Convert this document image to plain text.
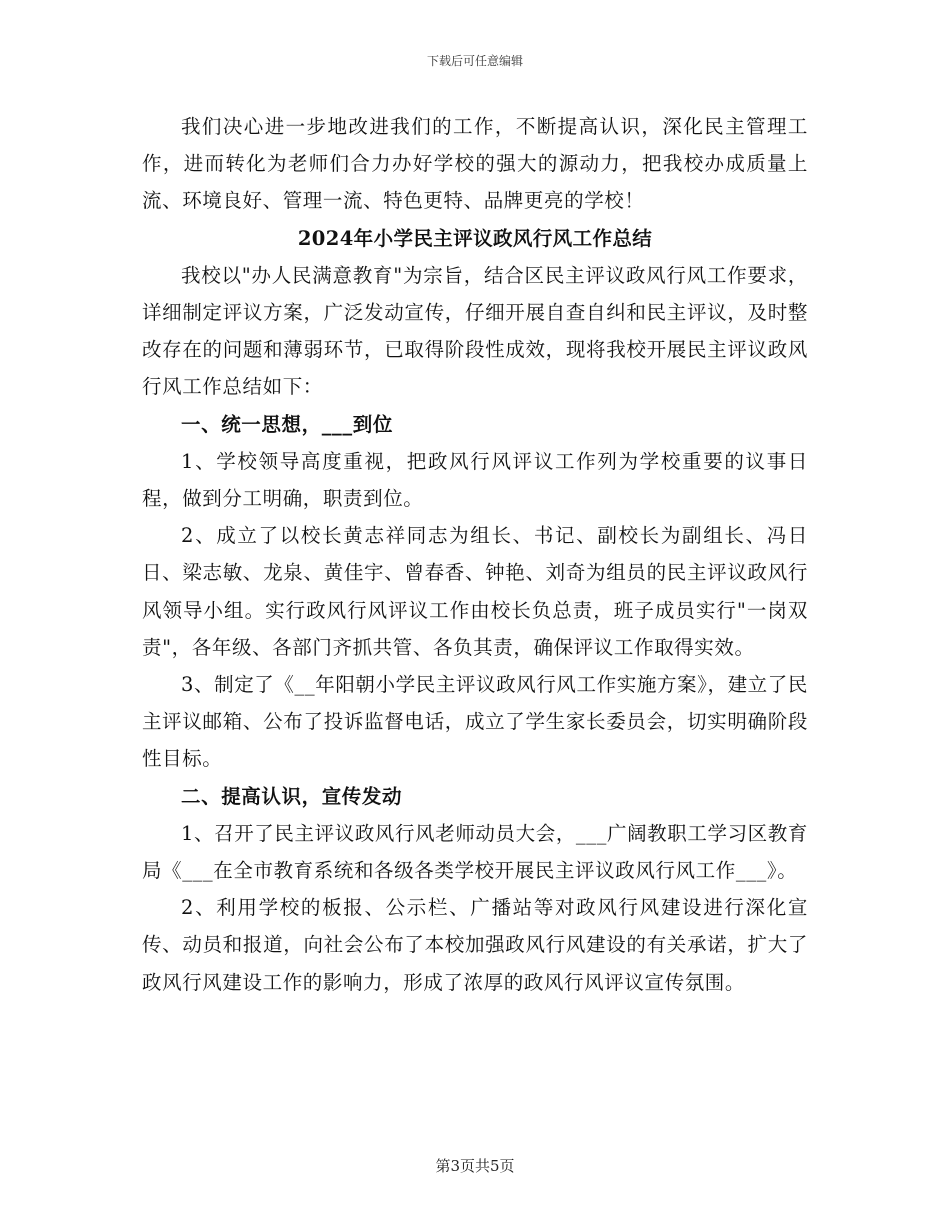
下载后可任意编辑

我们决心进一步地改进我们的工作，不断提高认识，深化民主管理工作，进而转化为老师们合力办好学校的强大的源动力，把我校办成质量上流、环境良好、管理一流、特色更特、品牌更亮的学校！

2024年小学民主评议政风行风工作总结

我校以"办人民满意教育"为宗旨，结合区民主评议政风行风工作要求，详细制定评议方案，广泛发动宣传，仔细开展自查自纠和民主评议，及时整改存在的问题和薄弱环节，已取得阶段性成效，现将我校开展民主评议政风行风工作总结如下：

一、统一思想，___到位

1、学校领导高度重视，把政风行风评议工作列为学校重要的议事日程，做到分工明确，职责到位。

2、成立了以校长黄志祥同志为组长、书记、副校长为副组长、冯日日、梁志敏、龙泉、黄佳宇、曾春香、钟艳、刘奇为组员的民主评议政风行风领导小组。实行政风行风评议工作由校长负总责，班子成员实行"一岗双责"，各年级、各部门齐抓共管、各负其责，确保评议工作取得实效。

3、制定了《__年阳朝小学民主评议政风行风工作实施方案》，建立了民主评议邮箱、公布了投诉监督电话，成立了学生家长委员会，切实明确阶段性目标。

二、提高认识，宣传发动

1、召开了民主评议政风行风老师动员大会，___广阔教职工学习区教育局《___在全市教育系统和各级各类学校开展民主评议政风行风工作___》。

2、利用学校的板报、公示栏、广播站等对政风行风建设进行深化宣传、动员和报道，向社会公布了本校加强政风行风建设的有关承诺，扩大了政风行风建设工作的影响力，形成了浓厚的政风行风评议宣传氛围。

第3页共5页
